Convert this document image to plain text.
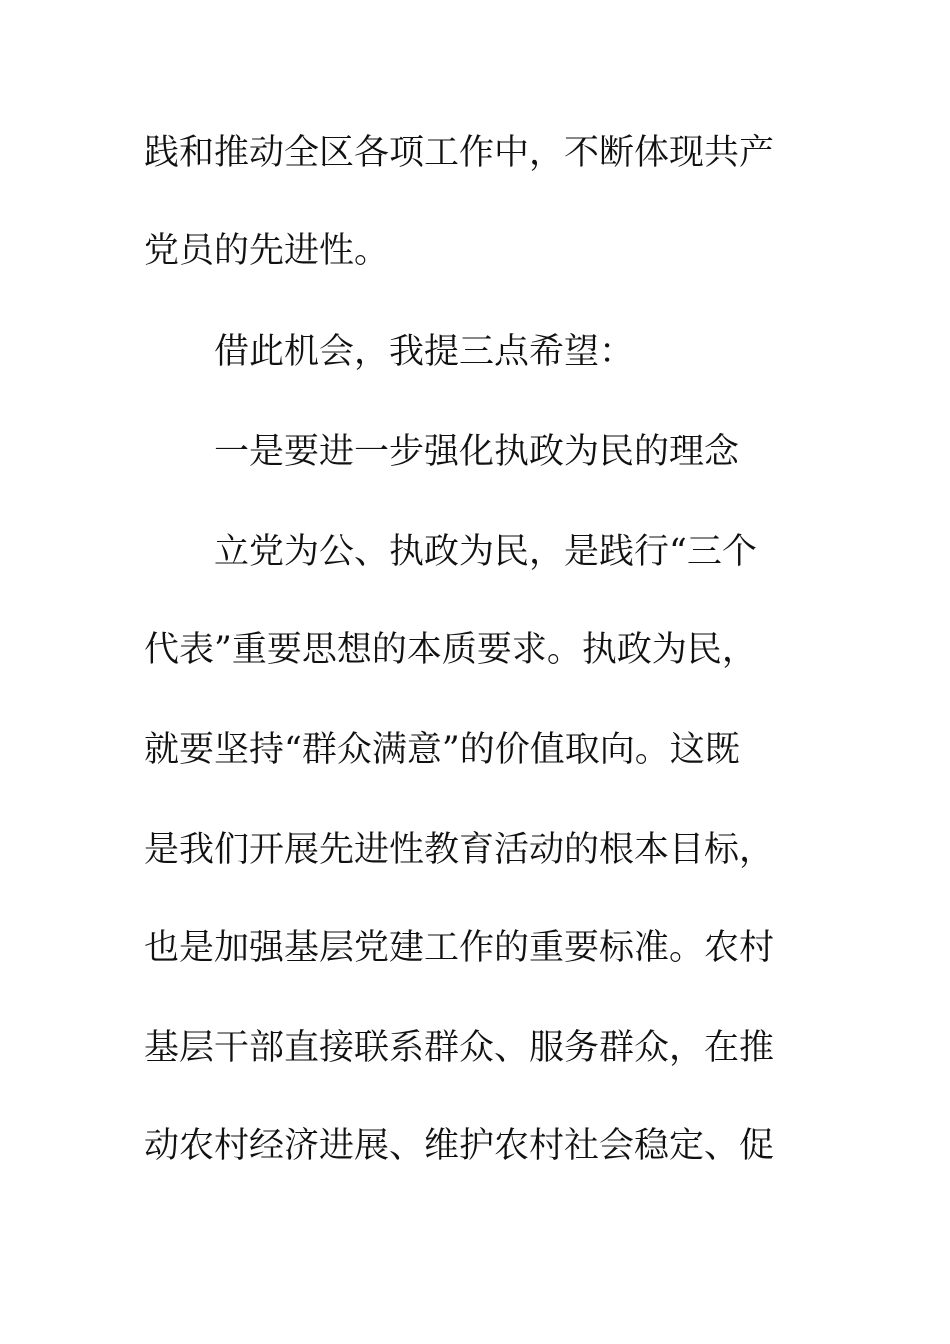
践和推动全区各项工作中，不断体现共产
党员的先进性。
借此机会，我提三点希望：
一是要进一步强化执政为民的理念
立党为公、执政为民，是践行“三个
代表”重要思想的本质要求。执政为民，
就要坚持“群众满意”的价值取向。这既
是我们开展先进性教育活动的根本目标，
也是加强基层党建工作的重要标准。农村
基层干部直接联系群众、服务群众，在推
动农村经济进展、维护农村社会稳定、促
